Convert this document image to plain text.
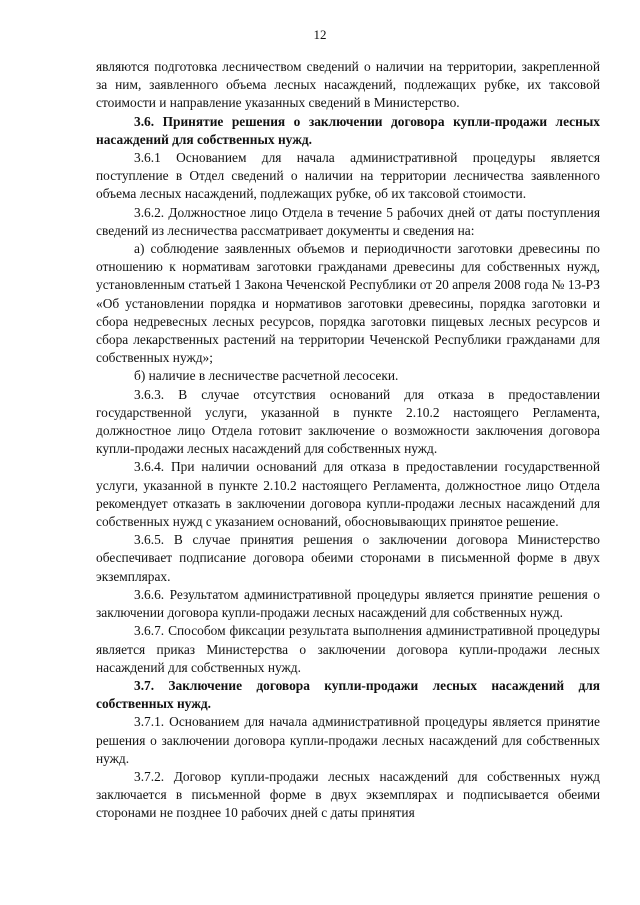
12

являются подготовка лесничеством сведений о наличии на территории, закрепленной за ним, заявленного объема лесных насаждений, подлежащих рубке, их таксовой стоимости и направление указанных сведений в Министерство.

3.6. Принятие решения о заключении договора купли-продажи лесных насаждений для собственных нужд.

3.6.1 Основанием для начала административной процедуры является поступление в Отдел сведений о наличии на территории лесничества заявленного объема лесных насаждений, подлежащих рубке, об их таксовой стоимости.

3.6.2. Должностное лицо Отдела в течение 5 рабочих дней от даты поступления сведений из лесничества рассматривает документы и сведения на:

а) соблюдение заявленных объемов и периодичности заготовки древесины по отношению к нормативам заготовки гражданами древесины для собственных нужд, установленным статьей 1 Закона Чеченской Республики от 20 апреля 2008 года № 13-РЗ «Об установлении порядка и нормативов заготовки древесины, порядка заготовки и сбора недревесных лесных ресурсов, порядка заготовки пищевых лесных ресурсов и сбора лекарственных растений на территории Чеченской Республики гражданами для собственных нужд»;

б) наличие в лесничестве расчетной лесосеки.

3.6.3. В случае отсутствия оснований для отказа в предоставлении государственной услуги, указанной в пункте 2.10.2 настоящего Регламента, должностное лицо Отдела готовит заключение о возможности заключения договора купли-продажи лесных насаждений для собственных нужд.

3.6.4. При наличии оснований для отказа в предоставлении государственной услуги, указанной в пункте 2.10.2 настоящего Регламента, должностное лицо Отдела рекомендует отказать в заключении договора купли-продажи лесных насаждений для собственных нужд с указанием оснований, обосновывающих принятое решение.

3.6.5. В случае принятия решения о заключении договора Министерство обеспечивает подписание договора обеими сторонами в письменной форме в двух экземплярах.

3.6.6. Результатом административной процедуры является принятие решения о заключении договора купли-продажи лесных насаждений для собственных нужд.

3.6.7. Способом фиксации результата выполнения административной процедуры является приказ Министерства о заключении договора купли-продажи лесных насаждений для собственных нужд.

3.7. Заключение договора купли-продажи лесных насаждений для собственных нужд.

3.7.1. Основанием для начала административной процедуры является принятие решения о заключении договора купли-продажи лесных насаждений для собственных нужд.

3.7.2. Договор купли-продажи лесных насаждений для собственных нужд заключается в письменной форме в двух экземплярах и подписывается обеими сторонами не позднее 10 рабочих дней с даты принятия
